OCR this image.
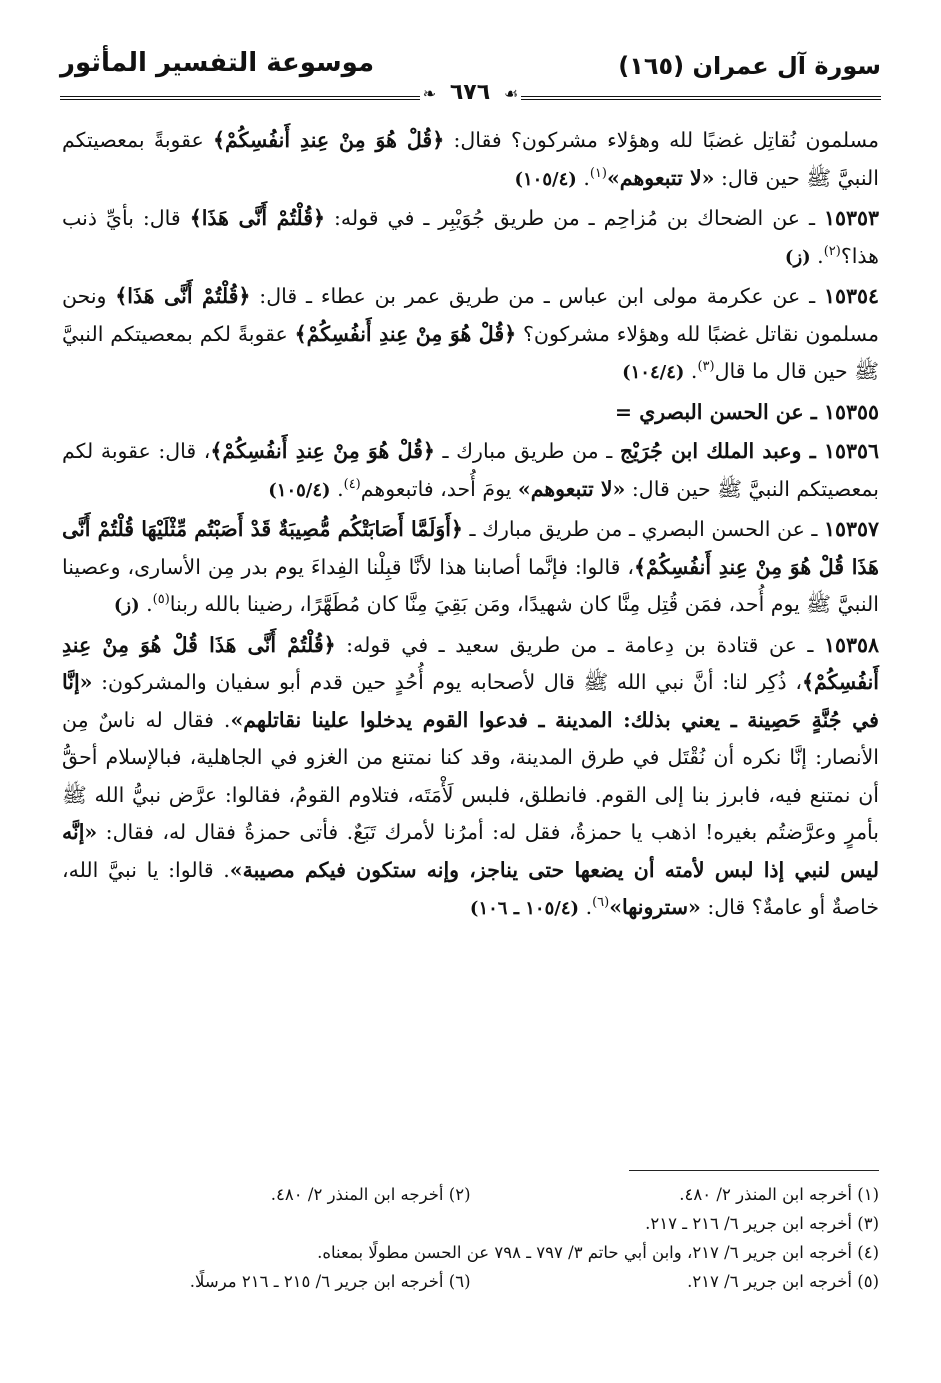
سورة آل عمران (١٦٥)
موسوعة التفسير المأثور
❧ ٦٧٦ ☙

مسلمون نُقاتِل غضبًا لله وهؤلاء مشركون؟ فقال: ﴿قُلْ هُوَ مِنْ عِندِ أَنفُسِكُمْ﴾ عقوبةً بمعصيتكم النبيَّ ﷺ حين قال: «لا تتبعوهم»$^{(١)}$. (١٠٥/٤)

١٥٣٥٣ ـ عن الضحاك بن مُزاحِم ـ من طريق جُوَيْبِر ـ في قوله: ﴿قُلْتُمْ أَنَّى هَذَا﴾ قال: بأيِّ ذنب هذا؟$^{(٢)}$. (ز)

١٥٣٥٤ ـ عن عكرمة مولى ابن عباس ـ من طريق عمر بن عطاء ـ قال: ﴿قُلْتُمْ أَنَّى هَذَا﴾ ونحن مسلمون نقاتل غضبًا لله وهؤلاء مشركون؟ ﴿قُلْ هُوَ مِنْ عِندِ أَنفُسِكُمْ﴾ عقوبةً لكم بمعصيتكم النبيَّ ﷺ حين قال ما قال$^{(٣)}$. (١٠٤/٤)

١٥٣٥٥ ـ عن الحسن البصري =

١٥٣٥٦ ـ وعبد الملك ابن جُرَيْج ـ من طريق مبارك ـ ﴿قُلْ هُوَ مِنْ عِندِ أَنفُسِكُمْ﴾، قال: عقوبة لكم بمعصيتكم النبيَّ ﷺ حين قال: «لا تتبعوهم» يومَ أُحد، فاتبعوهم$^{(٤)}$. (١٠٥/٤)

١٥٣٥٧ ـ عن الحسن البصري ـ من طريق مبارك ـ ﴿أَوَلَمَّا أَصَابَتْكُم مُّصِيبَةٌ قَدْ أَصَبْتُم مِّثْلَيْهَا قُلْتُمْ أَنَّى هَذَا قُلْ هُوَ مِنْ عِندِ أَنفُسِكُمْ﴾، قالوا: فإنَّما أصابنا هذا لأنَّا قبِلْنا الفِداءَ يوم بدر مِن الأسارى، وعصينا النبيَّ ﷺ يوم أُحد، فمَن قُتِل مِنَّا كان شهيدًا، ومَن بَقِيَ مِنَّا كان مُطَهَّرًا، رضينا بالله ربنا$^{(٥)}$. (ز)

١٥٣٥٨ ـ عن قتادة بن دِعامة ـ من طريق سعيد ـ في قوله: ﴿قُلْتُمْ أَنَّى هَذَا قُلْ هُوَ مِنْ عِندِ أَنفُسِكُمْ﴾، ذُكِر لنا: أنَّ نبي الله ﷺ قال لأصحابه يوم أُحُدٍ حين قدم أبو سفيان والمشركون: «إنَّا في جُنَّةٍ حَصِينة ـ يعني بذلك: المدينة ـ فدعوا القوم يدخلوا علينا نقاتلهم». فقال له ناسٌ مِن الأنصار: إنَّا نكره أن نُقْتَل في طرق المدينة، وقد كنا نمتنع من الغزو في الجاهلية، فبالإسلام أحقُّ أن نمتنع فيه، فابرز بنا إلى القوم. فانطلق، فلبس لَأْمَتَه، فتلاوم القومُ، فقالوا: عرَّض نبيُّ الله ﷺ بأمرٍ وعرَّضتُم بغيره! اذهب يا حمزةُ، فقل له: أمرُنا لأمرك تَبَعٌ. فأتى حمزةُ فقال له، فقال: «إنَّه ليس لنبي إذا لبس لأمته أن يضعها حتى يناجز، وإنه ستكون فيكم مصيبة». قالوا: يا نبيَّ الله، خاصةٌ أو عامةٌ؟ قال: «سترونها»$^{(٦)}$. (١٠٥/٤ ـ ١٠٦)

(١) أخرجه ابن المنذر ٢/ ٤٨٠.
(٢) أخرجه ابن المنذر ٢/ ٤٨٠.
(٣) أخرجه ابن جرير ٦/ ٢١٦ ـ ٢١٧.
(٤) أخرجه ابن جرير ٦/ ٢١٧، وابن أبي حاتم ٣/ ٧٩٧ ـ ٧٩٨ عن الحسن مطولًا بمعناه.
(٥) أخرجه ابن جرير ٦/ ٢١٧.
(٦) أخرجه ابن جرير ٦/ ٢١٥ ـ ٢١٦ مرسلًا.
